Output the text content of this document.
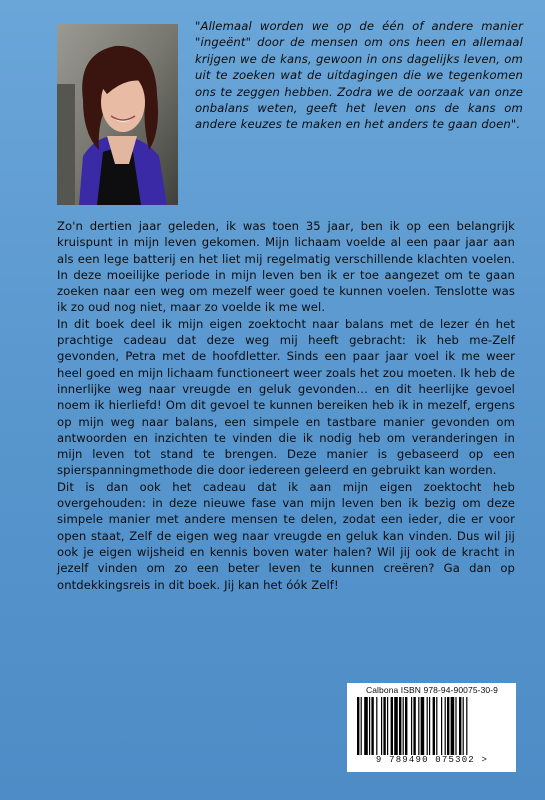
"Allemaal worden we op de één of andere manier "ingeënt" door de mensen om ons heen en allemaal krijgen we de kans, gewoon in ons dagelijks leven, om uit te zoeken wat de uitdagingen die we tegenkomen ons te zeggen hebben. Zodra we de oorzaak van onze onbalans weten, geeft het leven ons de kans om andere keuzes te maken en het anders te gaan doen".

Zo'n dertien jaar geleden, ik was toen 35 jaar, ben ik op een belangrijk kruispunt in mijn leven gekomen. Mijn lichaam voelde al een paar jaar aan als een lege batterij en het liet mij regelmatig verschillende klachten voelen. In deze moeilijke periode in mijn leven ben ik er toe aangezet om te gaan zoeken naar een weg om mezelf weer goed te kunnen voelen. Tenslotte was ik zo oud nog niet, maar zo voelde ik me wel.

In dit boek deel ik mijn eigen zoektocht naar balans met de lezer én het prachtige cadeau dat deze weg mij heeft gebracht: ik heb me-Zelf gevonden, Petra met de hoofdletter. Sinds een paar jaar voel ik me weer heel goed en mijn lichaam functioneert weer zoals het zou moeten. Ik heb de innerlijke weg naar vreugde en geluk gevonden… en dit heerlijke gevoel noem ik hierliefd! Om dit gevoel te kunnen bereiken heb ik in mezelf, ergens op mijn weg naar balans, een simpele en tastbare manier gevonden om antwoorden en inzichten te vinden die ik nodig heb om veranderingen in mijn leven tot stand te brengen. Deze manier is gebaseerd op een spierspanningmethode die door iedereen geleerd en gebruikt kan worden.

Dit is dan ook het cadeau dat ik aan mijn eigen zoektocht heb overgehouden: in deze nieuwe fase van mijn leven ben ik bezig om deze simpele manier met andere mensen te delen, zodat een ieder, die er voor open staat, Zelf de eigen weg naar vreugde en geluk kan vinden. Dus wil jij ook je eigen wijsheid en kennis boven water halen? Wil jij ook de kracht in jezelf vinden om zo een beter leven te kunnen creëren? Ga dan op ontdekkingsreis in dit boek. Jij kan het óók Zelf!

Calbona ISBN 978-94-90075-30-9
9 789490 075302 >
